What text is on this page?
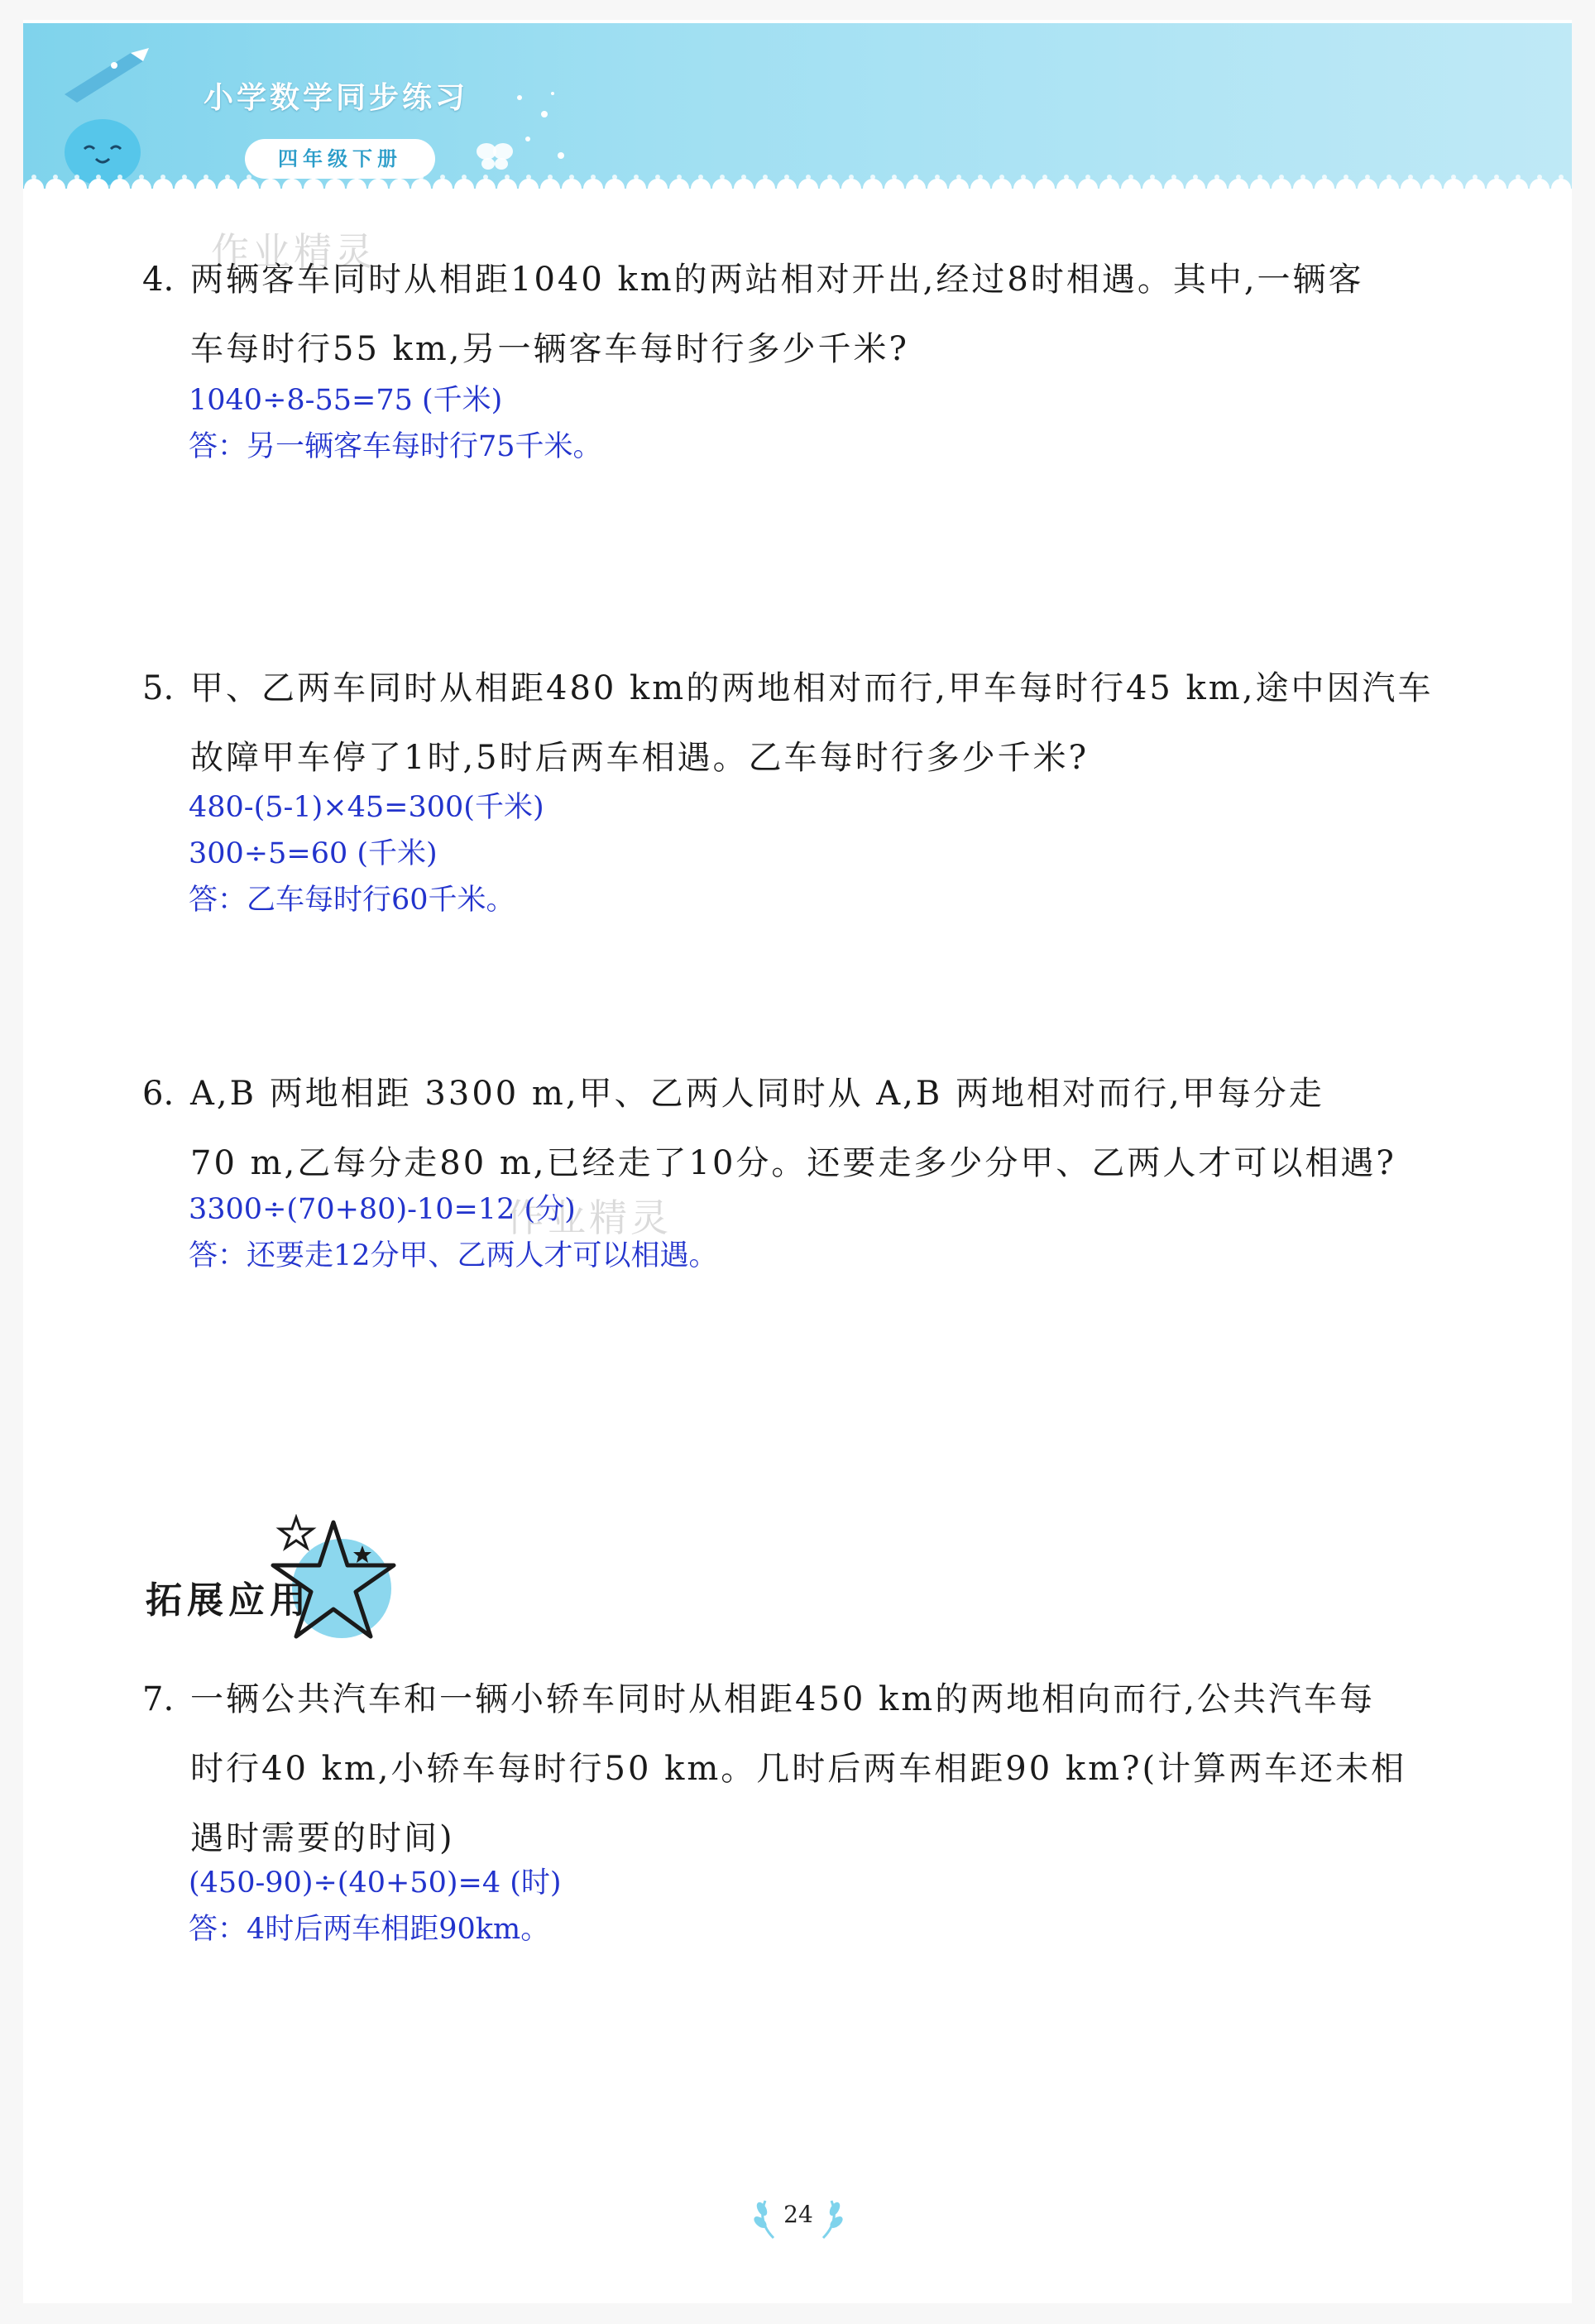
小学数学同步练习
四年级下册
作业精灵
作业精灵
4. 两辆客车同时从相距1040 km的两站相对开出,经过8时相遇。其中,一辆客
车每时行55 km,另一辆客车每时行多少千米?
1040÷8-55=75 (千米)
答：另一辆客车每时行75千米。
5. 甲、乙两车同时从相距480 km的两地相对而行,甲车每时行45 km,途中因汽车
故障甲车停了1时,5时后两车相遇。乙车每时行多少千米?
480-(5-1)×45=300(千米)
300÷5=60 (千米)
答：乙车每时行60千米。
6. A,B 两地相距 3300 m,甲、乙两人同时从 A,B 两地相对而行,甲每分走
70 m,乙每分走80 m,已经走了10分。还要走多少分甲、乙两人才可以相遇?
3300÷(70+80)-10=12 (分)
答：还要走12分甲、乙两人才可以相遇。
拓展应用
7. 一辆公共汽车和一辆小轿车同时从相距450 km的两地相向而行,公共汽车每
时行40 km,小轿车每时行50 km。几时后两车相距90 km?(计算两车还未相
遇时需要的时间)
(450-90)÷(40+50)=4 (时)
答：4时后两车相距90km。
24
